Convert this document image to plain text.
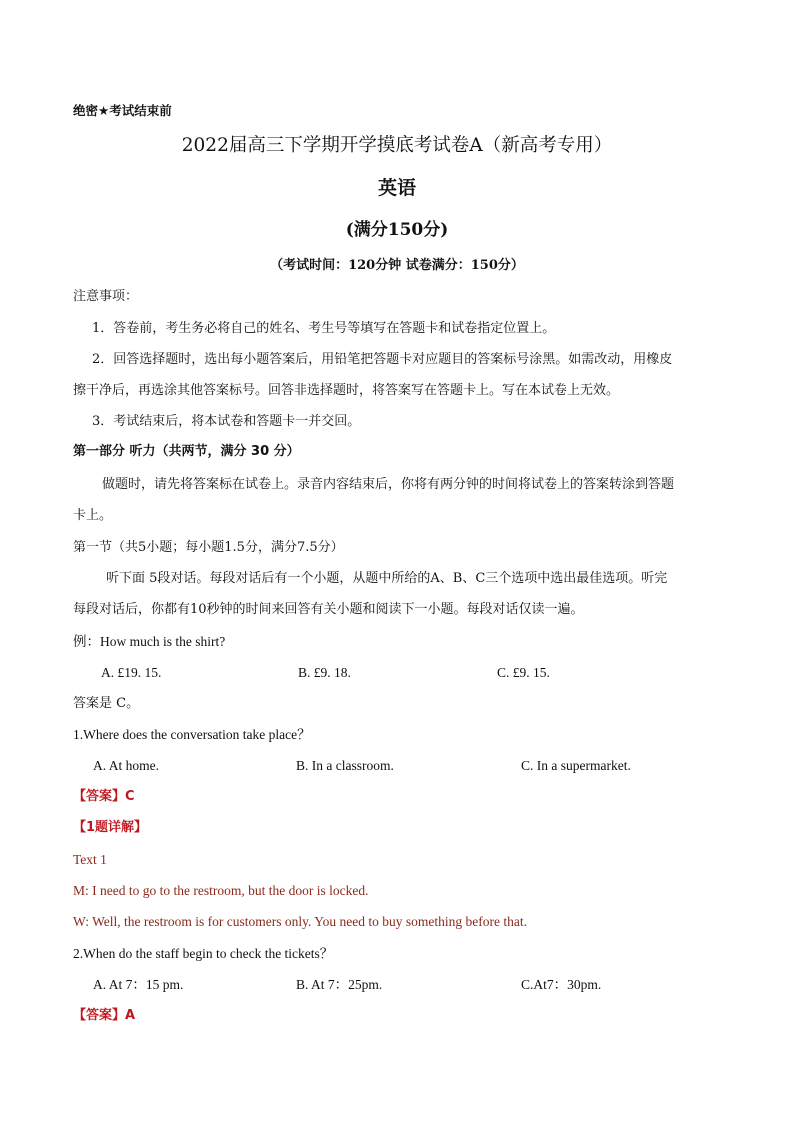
绝密★考试结束前
2022届高三下学期开学摸底考试卷A（新高考专用）
英语
(满分150分)
（考试时间：120分钟 试卷满分：150分）
注意事项：
1．答卷前，考生务必将自己的姓名、考生号等填写在答题卡和试卷指定位置上。
2．回答选择题时，选出每小题答案后，用铅笔把答题卡对应题目的答案标号涂黑。如需改动，用橡皮
擦干净后，再选涂其他答案标号。回答非选择题时，将答案写在答题卡上。写在本试卷上无效。
3．考试结束后，将本试卷和答题卡一并交回。
第一部分 听力（共两节，满分 30 分）
做题时，请先将答案标在试卷上。录音内容结束后，你将有两分钟的时间将试卷上的答案转涂到答题
卡上。
第一节（共5小题；每小题1.5分，满分7.5分）
听下面 5段对话。每段对话后有一个小题，从题中所给的A、B、C三个选项中选出最佳选项。听完
每段对话后，你都有10秒钟的时间来回答有关小题和阅读下一小题。每段对话仅读一遍。
例：How much is the shirt?
A. £19. 15.	B. £9. 18.	C. £9. 15.
答案是 C。
1.Where does the conversation take place？
A. At home.	B. In a classroom.	C. In a supermarket.
【答案】C
【1题详解】
Text 1
M: I need to go to the restroom, but the door is locked.
W: Well, the restroom is for customers only. You need to buy something before that.
2.When do the staff begin to check the tickets？
A. At 7：15 pm.	B. At 7：25pm.	C.At7：30pm.
【答案】A
